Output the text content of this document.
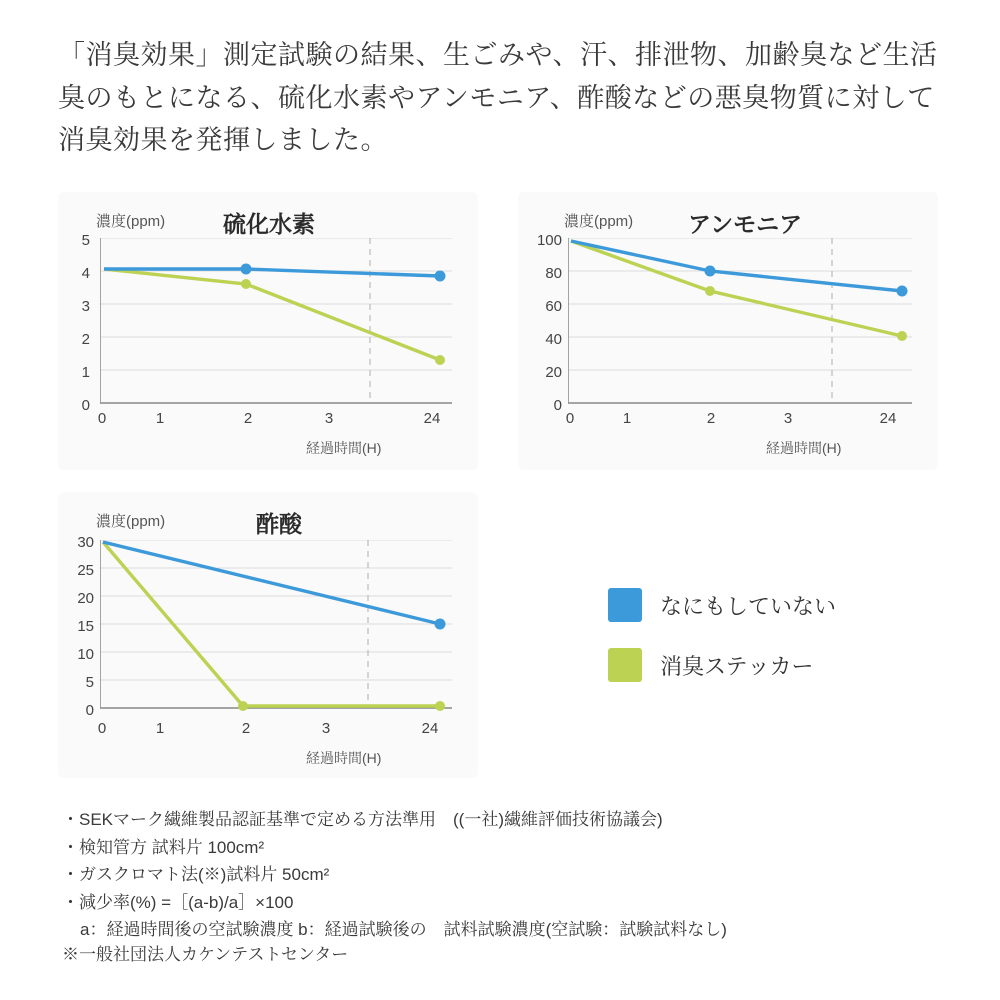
「消臭効果」測定試験の結果、生ごみや、汗、排泄物、加齢臭など生活臭のもとになる、硫化水素やアンモニア、酢酸などの悪臭物質に対して消臭効果を発揮しました。
濃度(ppm)	硫化水素
5
4
3
2
1
0
0	1	2	3	24
経過時間(H)
濃度(ppm) アンモニア
100
80
60
40
20
0
0	1	2	3	24
経過時間(H)
濃度(ppm)	酢酸
30
25
20
15
10
5
0
0	1	2	3	24
経過時間(H)
なにもしていない
消臭ステッカー
・SEKマーク繊維製品認証基準で定める方法準用　((一社)繊維評価技術協議会)
・検知管方 試料片 100cm²
・ガスクロマト法(※)試料片 50cm²
・減少率(%) =［(a-b)/a］×100
a：経過時間後の空試験濃度 b：経過試験後の　試料試験濃度(空試験：試験試料なし)
※一般社団法人カケンテストセンター
